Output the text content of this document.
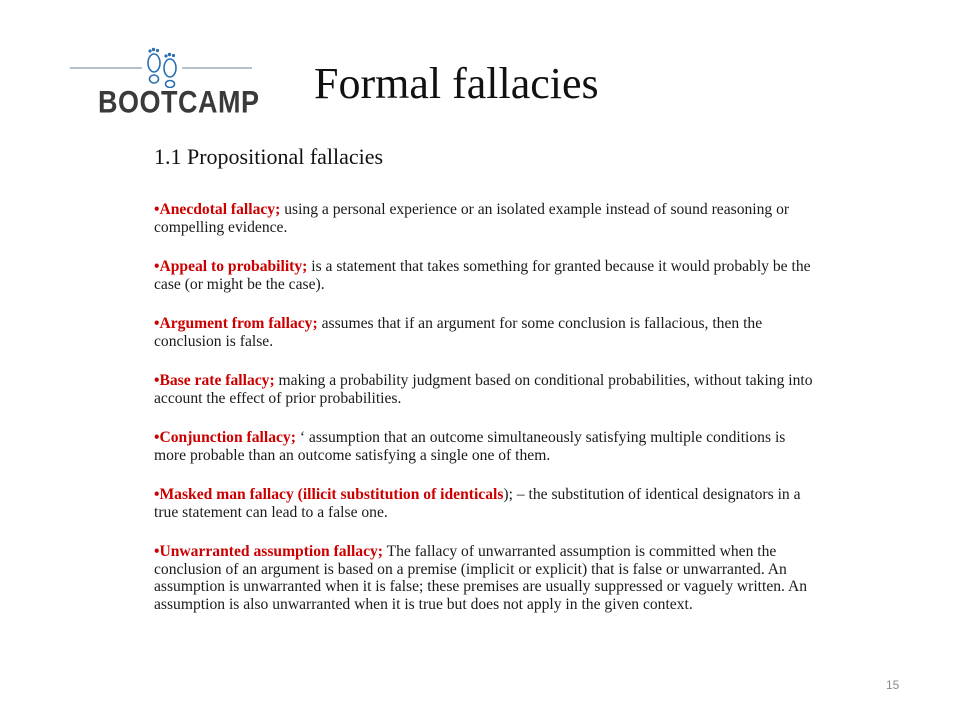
BOOTCAMP Formal fallacies
1.1 Propositional fallacies
•Anecdotal fallacy; using a personal experience or an isolated example instead of sound reasoning or compelling evidence.
•Appeal to probability; is a statement that takes something for granted because it would probably be the case (or might be the case).
•Argument from fallacy; assumes that if an argument for some conclusion is fallacious, then the conclusion is false.
•Base rate fallacy; making a probability judgment based on conditional probabilities, without taking into account the effect of prior probabilities.
•Conjunction fallacy; ‘ assumption that an outcome simultaneously satisfying multiple conditions is more probable than an outcome satisfying a single one of them.
•Masked man fallacy (illicit substitution of identicals); – the substitution of identical designators in a true statement can lead to a false one.
•Unwarranted assumption fallacy; The fallacy of unwarranted assumption is committed when the conclusion of an argument is based on a premise (implicit or explicit) that is false or unwarranted. An assumption is unwarranted when it is false; these premises are usually suppressed or vaguely written. An assumption is also unwarranted when it is true but does not apply in the given context.
15
